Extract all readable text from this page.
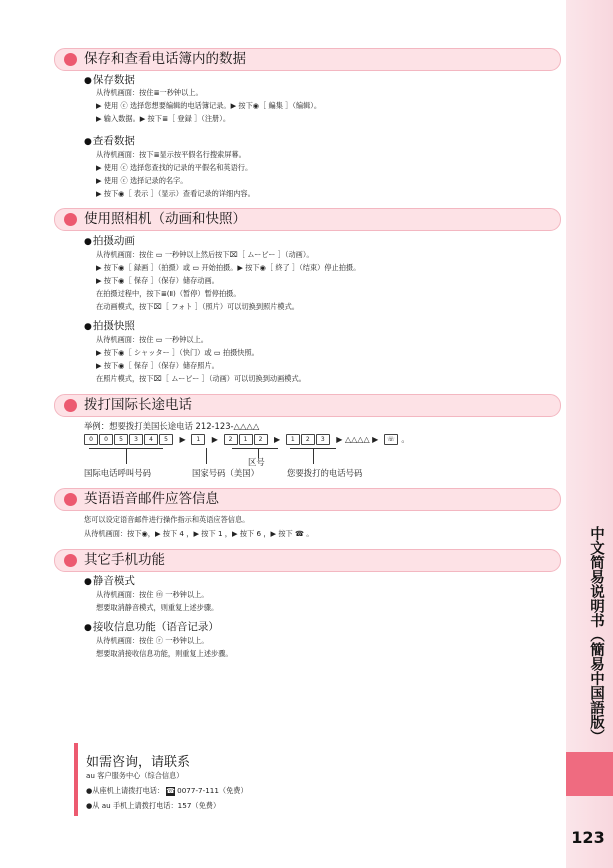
中文简易说明书（簡易中国語版）
123
保存和查看电话簿内的数据
● 保存数据
从待机画面：按住≣一秒钟以上。
▶ 使用 ⓒ 选择您想要编辑的电话簿记录。▶ 按下◉［ 編集 ］（编辑）。
▶ 输入数据。▶ 按下≣［ 登録 ］（注册）。
● 查看数据
从待机画面：按下≣显示按平假名行搜索屏幕。
▶ 使用 ⓒ 选择您查找的记录的平假名和英语行。
▶ 使用 ⓒ 选择记录的名字。
▶ 按下◉［ 表示 ］（显示）查看记录的详细内容。
使用照相机（动画和快照）
● 拍摄动画
从待机画面：按住 ▭ 一秒钟以上然后按下⌧［ ムービー ］（动画）。
▶ 按下◉［ 録画 ］（拍摄）或 ▭ 开始拍摄。▶ 按下◉［ 終了 ］（结束）停止拍摄。
▶ 按下◉［ 保存 ］（保存）储存动画。
在拍摄过程中，按下≣(Ⅱ)（暂停）暂停拍摄。
在动画模式，按下⌧［ フォト ］（照片）可以切换到照片模式。
● 拍摄快照
从待机画面：按住 ▭ 一秒钟以上。
▶ 按下◉［ シャッター ］（快门）或 ▭ 拍摄快照。
▶ 按下◉［ 保存 ］（保存）储存照片。
在照片模式，按下⌧［ ムービー ］（动画）可以切换到动画模式。
拨打国际长途电话
举例：想要拨打美国长途电话 212-123-△△△△
0 0 5 3 4 5 ▶ 1 ▶ 2 1 2 ▶ 1 2 3 ▶ △△△△ ▶ ☏ 。
区号
国际电话呼叫号码	国家号码（美国）	您要拨打的电话号码
英语语音邮件应答信息
您可以设定语音邮件进行操作指示和英语应答信息。
从待机画面：按下◉，▶ 按下 4 ，▶ 按下 1 ，▶ 按下 6 ，▶ 按下 ☎ 。
其它手机功能
● 静音模式
从待机画面：按住 ⓜ 一秒钟以上。
想要取消静音模式，则重复上述步骤。
● 接收信息功能（语音记录）
从待机画面：按住 ⓡ 一秒钟以上。
想要取消接收信息功能，则重复上述步骤。
如需咨询，请联系
au 客户服务中心（综合信息）
●从座机上请拨打电话： ☎ 0077-7-111（免费）
●从 au 手机上请拨打电话：157（免费）
